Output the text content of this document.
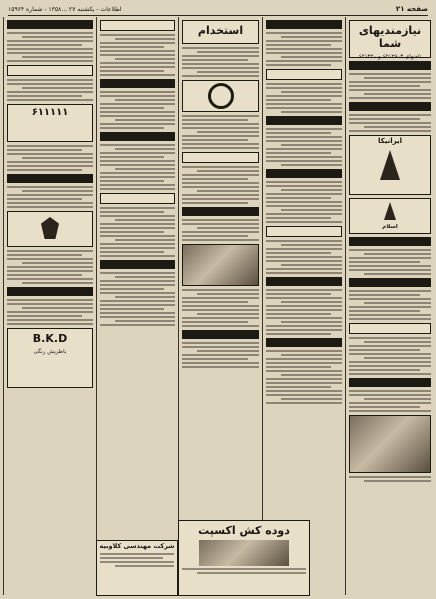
صفحه ۲۱
اطلاعات - یکشنبه ۲۷ ...۱۳۵۸ - شماره ۱۵۹۶۴
نیازمندیهای شما
تلفنهای ۶۲۱۲۹۰۳ و ۶۲۱۳۲۰
ایرانیکا
اسلام
استخدام
۶۱۱۱۱۱
B.K.D
باطریش رنگی
دوده کش اکسپت
شرکت مهندسی کلاوبیه
